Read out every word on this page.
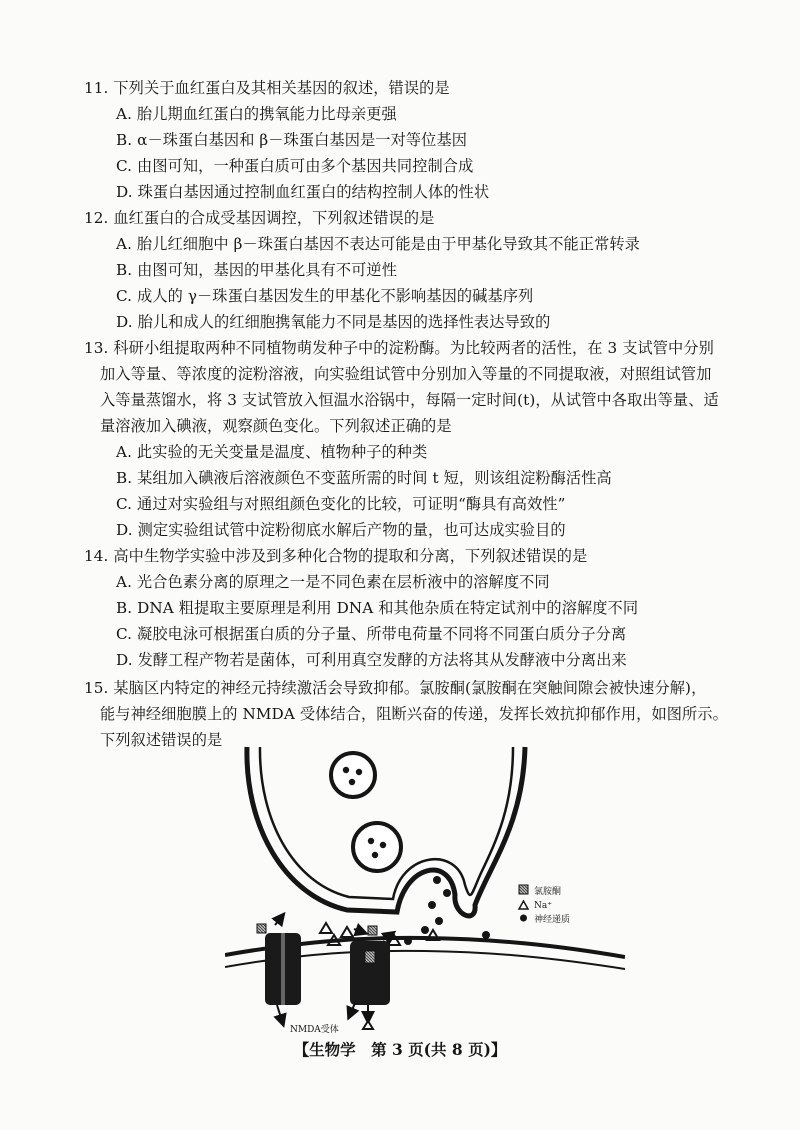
11. 下列关于血红蛋白及其相关基因的叙述，错误的是
A. 胎儿期血红蛋白的携氧能力比母亲更强
B. α－珠蛋白基因和 β－珠蛋白基因是一对等位基因
C. 由图可知，一种蛋白质可由多个基因共同控制合成
D. 珠蛋白基因通过控制血红蛋白的结构控制人体的性状
12. 血红蛋白的合成受基因调控，下列叙述错误的是
A. 胎儿红细胞中 β－珠蛋白基因不表达可能是由于甲基化导致其不能正常转录
B. 由图可知，基因的甲基化具有不可逆性
C. 成人的 γ－珠蛋白基因发生的甲基化不影响基因的碱基序列
D. 胎儿和成人的红细胞携氧能力不同是基因的选择性表达导致的
13. 科研小组提取两种不同植物萌发种子中的淀粉酶。为比较两者的活性，在 3 支试管中分别
加入等量、等浓度的淀粉溶液，向实验组试管中分别加入等量的不同提取液，对照组试管加
入等量蒸馏水，将 3 支试管放入恒温水浴锅中，每隔一定时间(t)，从试管中各取出等量、适
量溶液加入碘液，观察颜色变化。下列叙述正确的是
A. 此实验的无关变量是温度、植物种子的种类
B. 某组加入碘液后溶液颜色不变蓝所需的时间 t 短，则该组淀粉酶活性高
C. 通过对实验组与对照组颜色变化的比较，可证明“酶具有高效性”
D. 测定实验组试管中淀粉彻底水解后产物的量，也可达成实验目的
14. 高中生物学实验中涉及到多种化合物的提取和分离，下列叙述错误的是
A. 光合色素分离的原理之一是不同色素在层析液中的溶解度不同
B. DNA 粗提取主要原理是利用 DNA 和其他杂质在特定试剂中的溶解度不同
C. 凝胶电泳可根据蛋白质的分子量、所带电荷量不同将不同蛋白质分子分离
D. 发酵工程产物若是菌体，可利用真空发酵的方法将其从发酵液中分离出来
15. 某脑区内特定的神经元持续激活会导致抑郁。氯胺酮(氯胺酮在突触间隙会被快速分解)，
能与神经细胞膜上的 NMDA 受体结合，阻断兴奋的传递，发挥长效抗抑郁作用，如图所示。
下列叙述错误的是
氯胺酮
Na⁺
神经递质
NMDA受体
【生物学　第 3 页(共 8 页)】
